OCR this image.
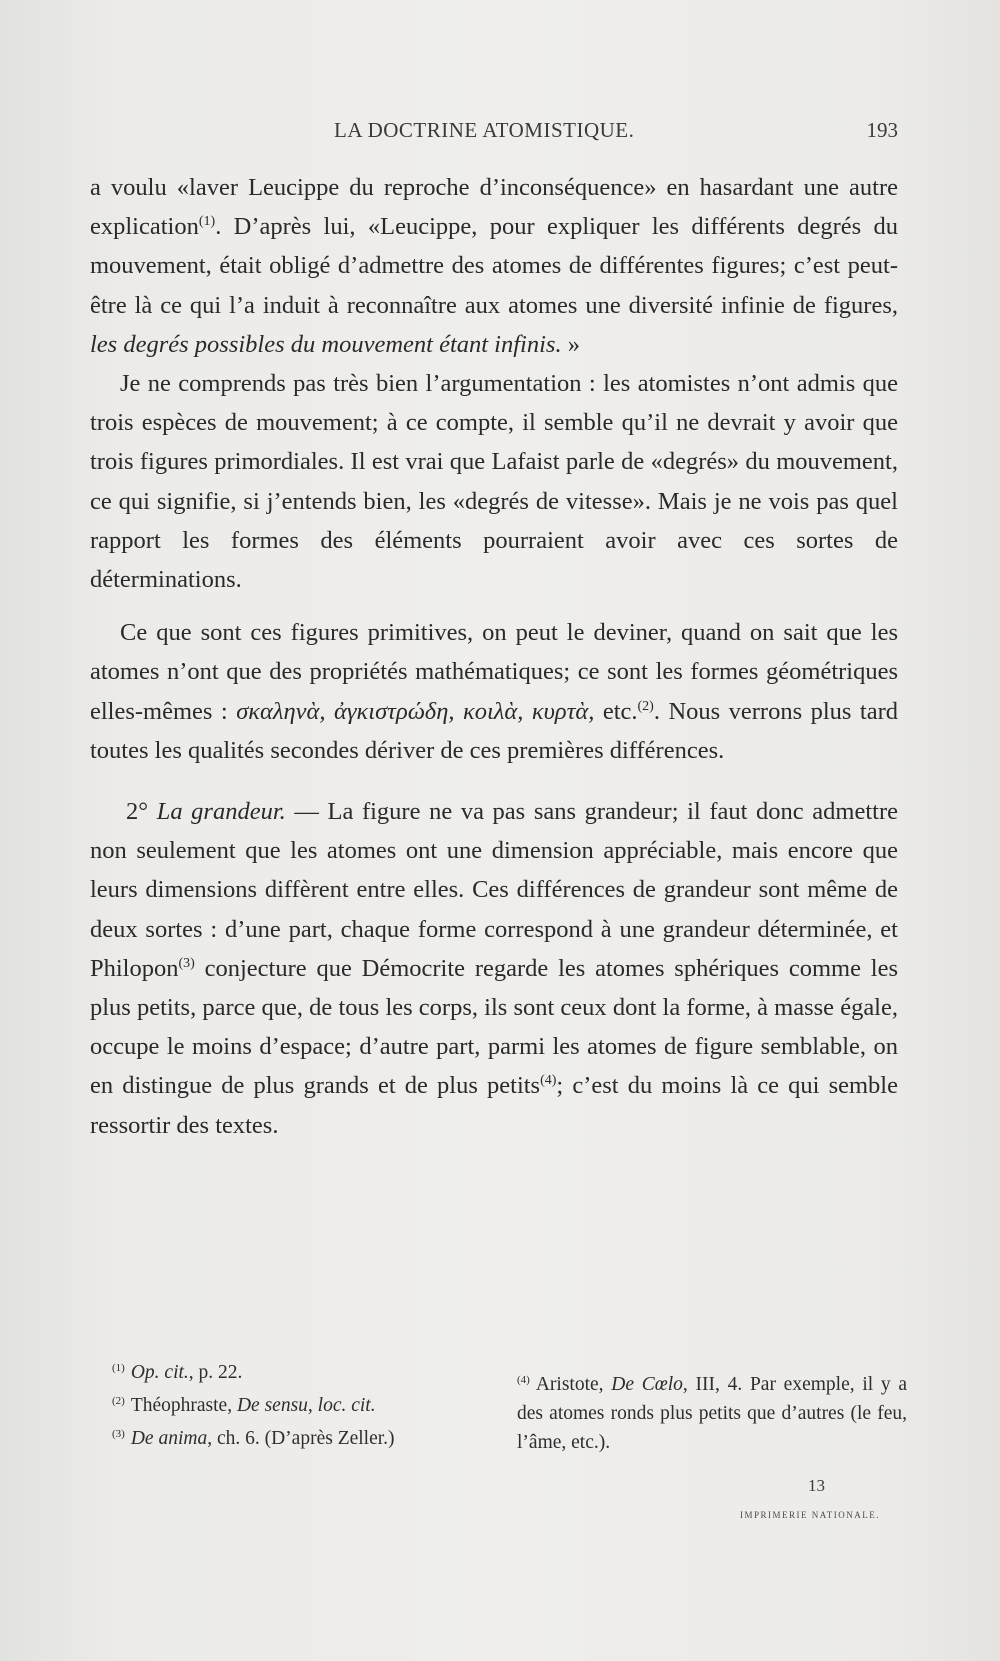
LA DOCTRINE ATOMISTIQUE.	193

a voulu «laver Leucippe du reproche d’inconséquence» en hasardant une autre explication$^{(1)}$. D’après lui, «Leucippe, pour expliquer les différents degrés du mouvement, était obligé d’admettre des atomes de différentes figures; c’est peut-être là ce qui l’a induit à reconnaître aux atomes une diversité infinie de figures, les degrés possibles du mouvement étant infinis. »

Je ne comprends pas très bien l’argumentation : les atomistes n’ont admis que trois espèces de mouvement; à ce compte, il semble qu’il ne devrait y avoir que trois figures primordiales. Il est vrai que Lafaist parle de «degrés» du mouvement, ce qui signifie, si j’entends bien, les «degrés de vitesse». Mais je ne vois pas quel rapport les formes des éléments pourraient avoir avec ces sortes de déterminations.

Ce que sont ces figures primitives, on peut le deviner, quand on sait que les atomes n’ont que des propriétés mathématiques; ce sont les formes géométriques elles-mêmes : σκαληνὰ, ἀγκιστρώδη, κοιλὰ, κυρτὰ, etc.$^{(2)}$. Nous verrons plus tard toutes les qualités secondes dériver de ces premières différences.

2° La grandeur. — La figure ne va pas sans grandeur; il faut donc admettre non seulement que les atomes ont une dimension appréciable, mais encore que leurs dimensions diffèrent entre elles. Ces différences de grandeur sont même de deux sortes : d’une part, chaque forme correspond à une grandeur déterminée, et Philopon$^{(3)}$ conjecture que Démocrite regarde les atomes sphériques comme les plus petits, parce que, de tous les corps, ils sont ceux dont la forme, à masse égale, occupe le moins d’espace; d’autre part, parmi les atomes de figure semblable, on en distingue de plus grands et de plus petits$^{(4)}$; c’est du moins là ce qui semble ressortir des textes.

$^{(1)}$ Op. cit., p. 22.
$^{(2)}$ Théophraste, De sensu, loc. cit.
$^{(3)}$ De anima, ch. 6. (D’après Zeller.)
$^{(4)}$ Aristote, De Cœlo, III, 4. Par exemple, il y a des atomes ronds plus petits que d’autres (le feu, l’âme, etc.).
13
IMPRIMERIE NATIONALE.
